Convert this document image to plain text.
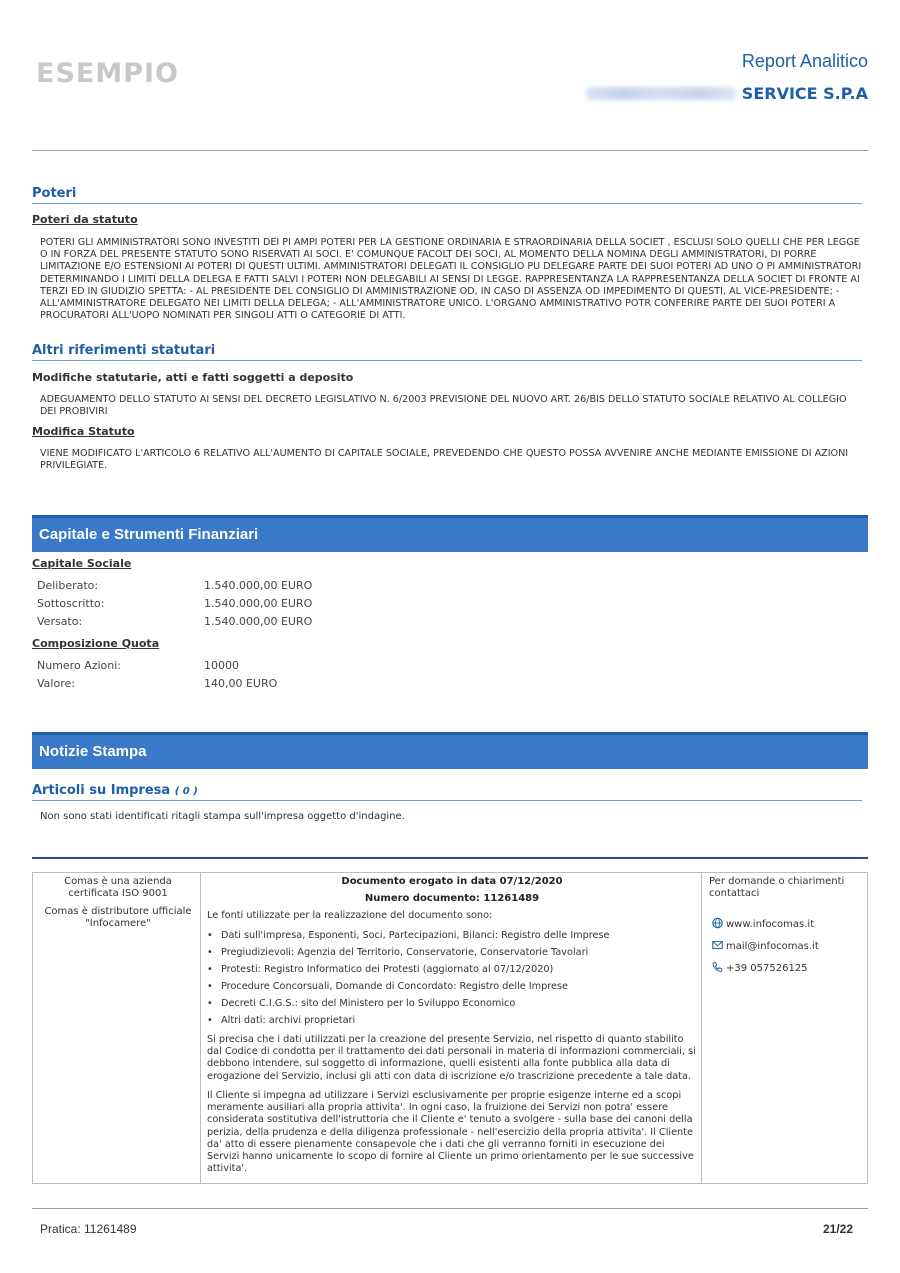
ESEMPIO	Report Analitico
SERVICE S.P.A
Poteri
Poteri da statuto
POTERI GLI AMMINISTRATORI SONO INVESTITI DEI PI AMPI POTERI PER LA GESTIONE ORDINARIA E STRAORDINARIA DELLA SOCIET , ESCLUSI SOLO QUELLI CHE PER LEGGE O IN FORZA DEL PRESENTE STATUTO SONO RISERVATI AI SOCI. E' COMUNQUE FACOLT DEI SOCI, AL MOMENTO DELLA NOMINA DEGLI AMMINISTRATORI, DI PORRE LIMITAZIONE E/O ESTENSIONI AI POTERI DI QUESTI ULTIMI. AMMINISTRATORI DELEGATI IL CONSIGLIO PU DELEGARE PARTE DEI SUOI POTERI AD UNO O PI AMMINISTRATORI DETERMINANDO I LIMITI DELLA DELEGA E FATTI SALVI I POTERI NON DELEGABILI AI SENSI DI LEGGE. RAPPRESENTANZA LA RAPPRESENTANZA DELLA SOCIET DI FRONTE AI TERZI ED IN GIUDIZIO SPETTA: - AL PRESIDENTE DEL CONSIGLIO DI AMMINISTRAZIONE OD, IN CASO DI ASSENZA OD IMPEDIMENTO DI QUESTI, AL VICE-PRESIDENTE; - ALL'AMMINISTRATORE DELEGATO NEI LIMITI DELLA DELEGA; - ALL'AMMINISTRATORE UNICO. L'ORGANO AMMINISTRATIVO POTR CONFERIRE PARTE DEI SUOI POTERI A PROCURATORI ALL'UOPO NOMINATI PER SINGOLI ATTI O CATEGORIE DI ATTI.
Altri riferimenti statutari
Modifiche statutarie, atti e fatti soggetti a deposito
ADEGUAMENTO DELLO STATUTO AI SENSI DEL DECRETO LEGISLATIVO N. 6/2003 PREVISIONE DEL NUOVO ART. 26/BIS DELLO STATUTO SOCIALE RELATIVO AL COLLEGIO DEI PROBIVIRI
Modifica Statuto
VIENE MODIFICATO L'ARTICOLO 6 RELATIVO ALL'AUMENTO DI CAPITALE SOCIALE, PREVEDENDO CHE QUESTO POSSA AVVENIRE ANCHE MEDIANTE EMISSIONE DI AZIONI PRIVILEGIATE.
Capitale e Strumenti Finanziari
Capitale Sociale
Deliberato:	1.540.000,00 EURO
Sottoscritto:	1.540.000,00 EURO
Versato:	1.540.000,00 EURO
Composizione Quota
Numero Azioni:	10000
Valore:	140,00 EURO
Notizie Stampa
Articoli su Impresa ( 0 )
Non sono stati identificati ritagli stampa sull'impresa oggetto d'indagine.
Comas è una azienda certificata ISO 9001
Comas è distributore ufficiale "Infocamere"
Documento erogato in data 07/12/2020
Numero documento: 11261489
Le fonti utilizzate per la realizzazione del documento sono:
• Dati sull'impresa, Esponenti, Soci, Partecipazioni, Bilanci: Registro delle Imprese
• Pregiudizievoli: Agenzia del Territorio, Conservatorie, Conservatorie Tavolari
• Protesti: Registro Informatico dei Protesti (aggiornato al 07/12/2020)
• Procedure Concorsuali, Domande di Concordato: Registro delle Imprese
• Decreti C.I.G.S.: sito del Ministero per lo Sviluppo Economico
• Altri dati: archivi proprietari
Si precisa che i dati utilizzati per la creazione del presente Servizio, nel rispetto di quanto stabilito dal Codice di condotta per il trattamento dei dati personali in materia di informazioni commerciali, si debbono intendere, sul soggetto di informazione, quelli esistenti alla fonte pubblica alla data di erogazione del Servizio, inclusi gli atti con data di iscrizione e/o trascrizione precedente a tale data.
Il Cliente si impegna ad utilizzare i Servizi esclusivamente per proprie esigenze interne ed a scopi meramente ausiliari alla propria attivita'. In ogni caso, la fruizione dei Servizi non potra' essere considerata sostitutiva dell'istruttoria che il Cliente e' tenuto a svolgere - sulla base dei canoni della perizia, della prudenza e della diligenza professionale - nell'esercizio della propria attivita'. Il Cliente da' atto di essere pienamente consapevole che i dati che gli verranno forniti in esecuzione dei Servizi hanno unicamente lo scopo di fornire al Cliente un primo orientamento per le sue successive attivita'.
Per domande o chiarimenti contattaci
www.infocomas.it
mail@infocomas.it
+39 057526125
Pratica: 11261489	21/22
